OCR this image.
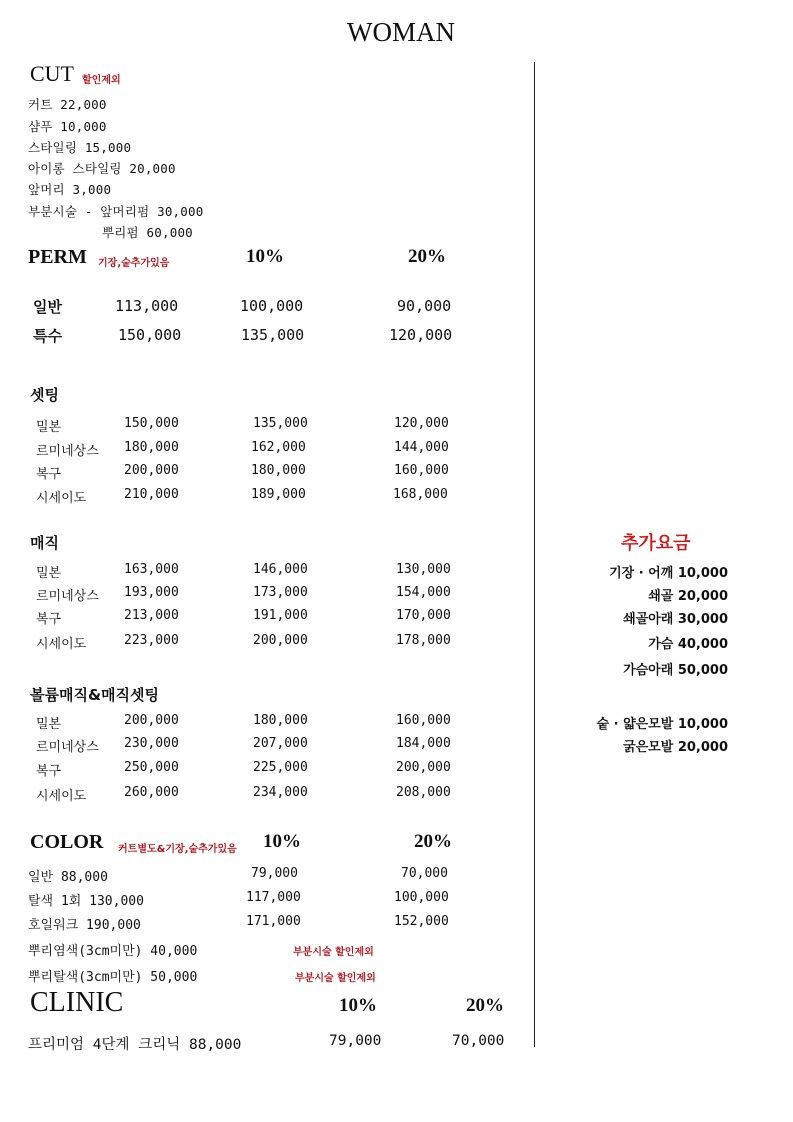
WOMAN
CUT 할인제외
커트 22,000
샴푸 10,000
스타일링 15,000
아이롱 스타일링 20,000
앞머리 3,000
부분시술 - 앞머리펌 30,000
뿌리펌 60,000
PERM 기장,숱추가있음	10%	20%
일반	113,000	100,000	90,000
특수	150,000	135,000	120,000
셋팅
밀본	150,000	135,000	120,000
르미네상스 180,000	162,000	144,000
복구	200,000	180,000	160,000
시세이도	210,000	189,000	168,000
매직
밀본	163,000	146,000	130,000
르미네상스 193,000	173,000	154,000
복구	213,000	191,000	170,000
시세이도	223,000	200,000	178,000
볼륨매직&매직셋팅
밀본	200,000	180,000	160,000
르미네상스 230,000	207,000	184,000
복구	250,000	225,000	200,000
시세이도	260,000	234,000	208,000
COLOR 커트별도&기장,숱추가있음 10%	20%
일반 88,000	79,000	70,000
탈색 1회 130,000	117,000	100,000
호일워크 190,000	171,000	152,000
뿌리염색(3cm미만) 40,000	부분시술 할인제외
뿌리탈색(3cm미만) 50,000	부분시술 할인제외
CLINIC	10%	20%
프리미엄 4단계 크리닉 88,000	79,000	70,000
추가요금
기장 · 어깨 10,000
쇄골 20,000
쇄골아래 30,000
가슴 40,000
가슴아래 50,000
숱 · 얇은모발 10,000
굵은모발 20,000
